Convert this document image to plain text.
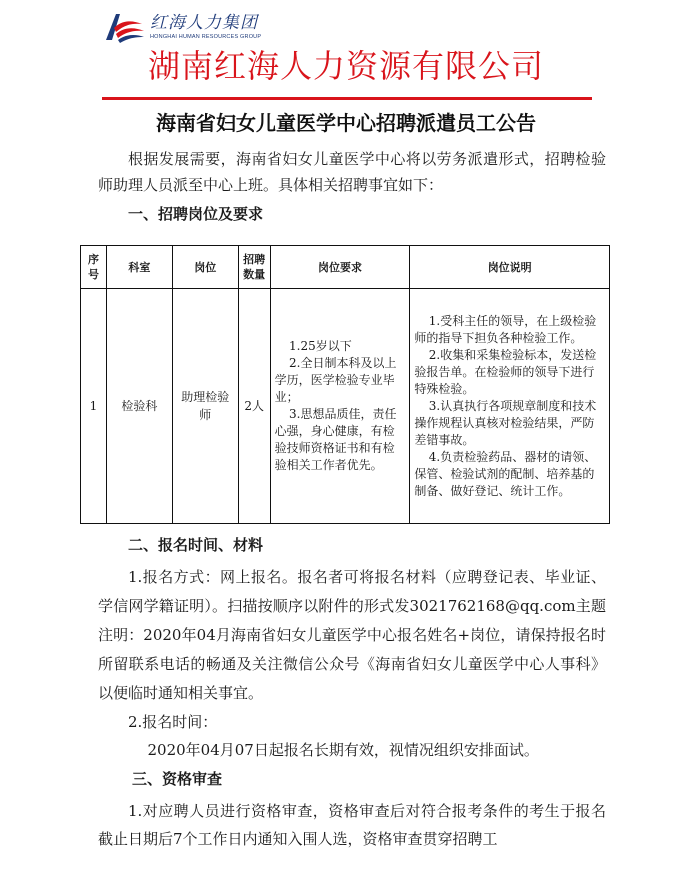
红海人力集团
HONGHAI HUMAN RESOURCES GROUP
湖南红海人力资源有限公司
海南省妇女儿童医学中心招聘派遣员工公告
根据发展需要，海南省妇女儿童医学中心将以劳务派遣形式，招聘检验师助理人员派至中心上班。具体相关招聘事宜如下：
一、招聘岗位及要求
序号	科室	岗位	招聘数量	岗位要求	岗位说明
1	检验科	助理检验师	2人	1.25岁以下
2.全日制本科及以上学历，医学检验专业毕业；
3.思想品质佳，责任心强，身心健康，有检验技师资格证书和有检验相关工作者优先。	1.受科主任的领导，在上级检验师的指导下担负各种检验工作。
2.收集和采集检验标本，发送检验报告单。在检验师的领导下进行特殊检验。
3.认真执行各项规章制度和技术操作规程认真核对检验结果，严防差错事故。
4.负责检验药品、器材的请领、保管、检验试剂的配制、培养基的制备、做好登记、统计工作。
二、报名时间、材料
1.报名方式：网上报名。报名者可将报名材料（应聘登记表、毕业证、学信网学籍证明）。扫描按顺序以附件的形式发3021762168@qq.com主题注明：2020年04月海南省妇女儿童医学中心报名姓名+岗位，请保持报名时所留联系电话的畅通及关注微信公众号《海南省妇女儿童医学中心人事科》以便临时通知相关事宜。
2.报名时间：
2020年04月07日起报名长期有效，视情况组织安排面试。
三、资格审查
1.对应聘人员进行资格审查，资格审查后对符合报考条件的考生于报名截止日期后7个工作日内通知入围人选，资格审查贯穿招聘工
